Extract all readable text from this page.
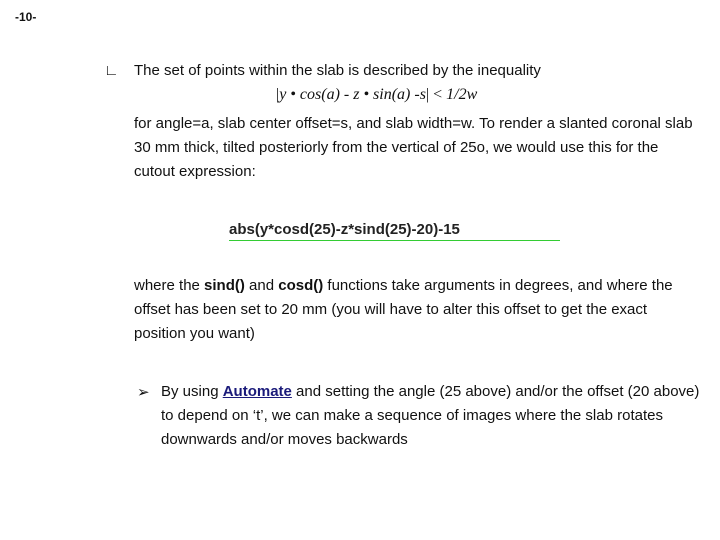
-10-
∟ The set of points within the slab is described by the inequality
|y • cos(a) - z • sin(a) -s| < 1/2w
for angle=a, slab center offset=s, and slab width=w. To render a slanted coronal slab 30 mm thick, tilted posteriorly from the vertical of 25o, we would use this for the cutout expression:
abs(y*cosd(25)-z*sind(25)-20)-15
where the sind() and cosd() functions take arguments in degrees, and where the offset has been set to 20 mm (you will have to alter this offset to get the exact position you want)
➢ By using Automate and setting the angle (25 above) and/or the offset (20 above) to depend on ‘t’, we can make a sequence of images where the slab rotates downwards and/or moves backwards
